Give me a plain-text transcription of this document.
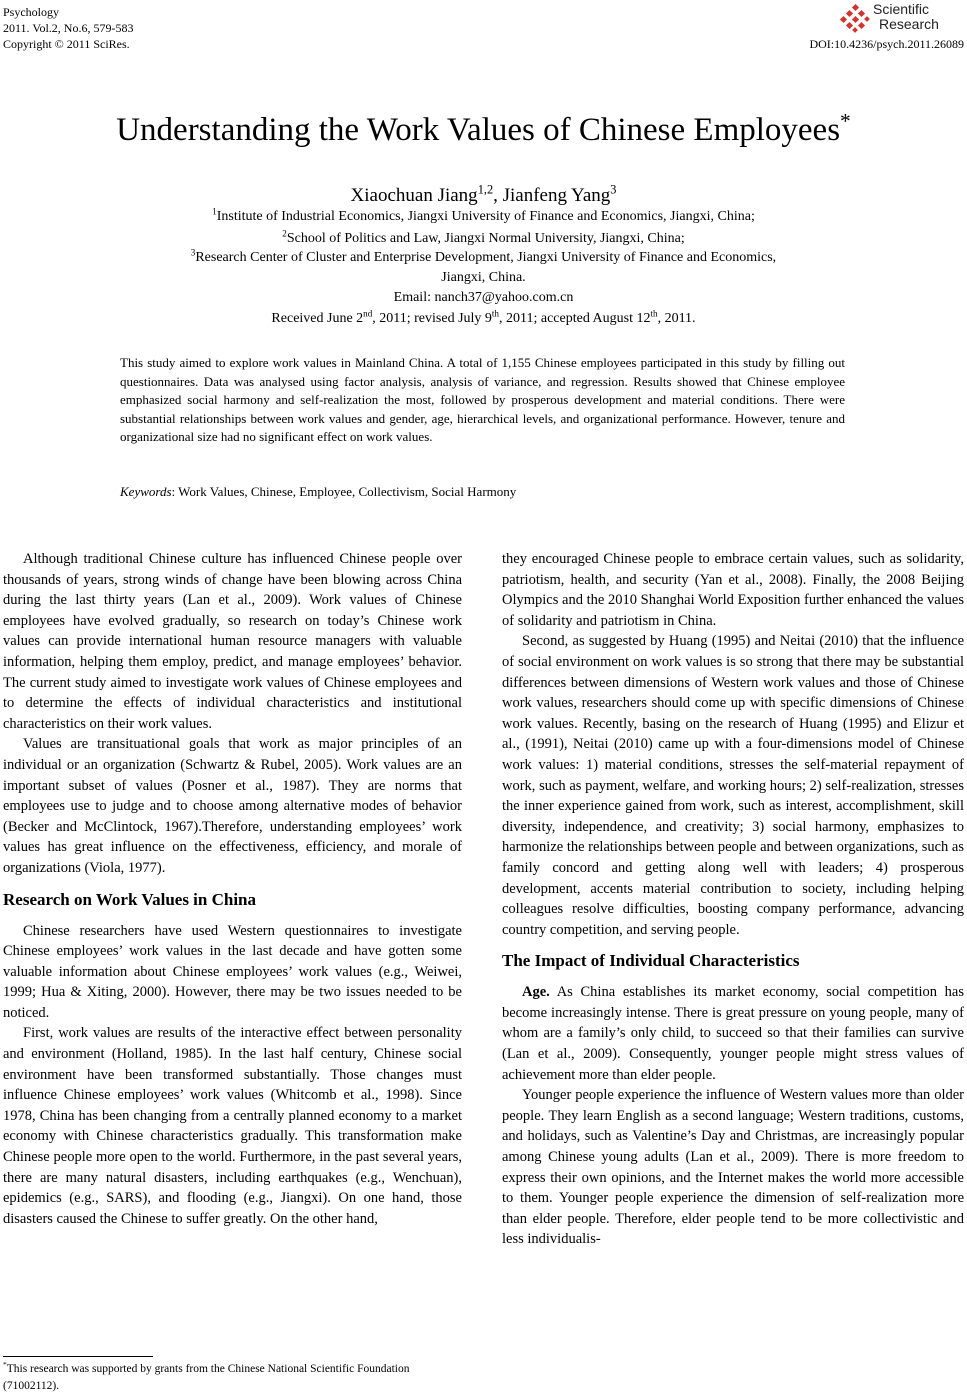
Psychology
2011. Vol.2, No.6, 579-583
Copyright © 2011 SciRes.	DOI:10.4236/psych.2011.26089
Scientific
Research
Understanding the Work Values of Chinese Employees*
Xiaochuan Jiang$^{1,2}$, Jianfeng Yang$^3$
$^1$Institute of Industrial Economics, Jiangxi University of Finance and Economics, Jiangxi, China;
$^2$School of Politics and Law, Jiangxi Normal University, Jiangxi, China;
$^3$Research Center of Cluster and Enterprise Development, Jiangxi University of Finance and Economics,
Jiangxi, China.
Email: nanch37@yahoo.com.cn
Received June 2nd, 2011; revised July 9th, 2011; accepted August 12th, 2011.
This study aimed to explore work values in Mainland China. A total of 1,155 Chinese employees participated in this study by filling out questionnaires. Data was analysed using factor analysis, analysis of variance, and regression. Results showed that Chinese employee emphasized social harmony and self-realization the most, followed by prosperous development and material conditions. There were substantial relationships between work values and gender, age, hierarchical levels, and organizational performance. However, tenure and organizational size had no significant effect on work values.
Keywords: Work Values, Chinese, Employee, Collectivism, Social Harmony

Although traditional Chinese culture has influenced Chinese people over thousands of years, strong winds of change have been blowing across China during the last thirty years (Lan et al., 2009). Work values of Chinese employees have evolved gradually, so research on today’s Chinese work values can provide international human resource managers with valuable information, helping them employ, predict, and manage employees’ behavior. The current study aimed to investigate work values of Chinese employees and to determine the effects of individual characteristics and institutional characteristics on their work values.

Values are transituational goals that work as major principles of an individual or an organization (Schwartz & Rubel, 2005). Work values are an important subset of values (Posner et al., 1987). They are norms that employees use to judge and to choose among alternative modes of behavior (Becker and McClintock, 1967).Therefore, understanding employees’ work values has great influence on the effectiveness, efficiency, and morale of organizations (Viola, 1977).

Research on Work Values in China

Chinese researchers have used Western questionnaires to investigate Chinese employees’ work values in the last decade and have gotten some valuable information about Chinese employees’ work values (e.g., Weiwei, 1999; Hua & Xiting, 2000). However, there may be two issues needed to be noticed.

First, work values are results of the interactive effect between personality and environment (Holland, 1985). In the last half century, Chinese social environment have been transformed substantially. Those changes must influence Chinese employees’ work values (Whitcomb et al., 1998). Since 1978, China has been changing from a centrally planned economy to a market economy with Chinese characteristics gradually. This transformation make Chinese people more open to the world. Furthermore, in the past several years, there are many natural disasters, including earthquakes (e.g., Wenchuan), epidemics (e.g., SARS), and flooding (e.g., Jiangxi). On one hand, those disasters caused the Chinese to suffer greatly. On the other hand,

they encouraged Chinese people to embrace certain values, such as solidarity, patriotism, health, and security (Yan et al., 2008). Finally, the 2008 Beijing Olympics and the 2010 Shanghai World Exposition further enhanced the values of solidarity and patriotism in China.

Second, as suggested by Huang (1995) and Neitai (2010) that the influence of social environment on work values is so strong that there may be substantial differences between dimensions of Western work values and those of Chinese work values, researchers should come up with specific dimensions of Chinese work values. Recently, basing on the research of Huang (1995) and Elizur et al., (1991), Neitai (2010) came up with a four-dimensions model of Chinese work values: 1) material conditions, stresses the self-material repayment of work, such as payment, welfare, and working hours; 2) self-realization, stresses the inner experience gained from work, such as interest, accomplishment, skill diversity, independence, and creativity; 3) social harmony, emphasizes to harmonize the relationships between people and between organizations, such as family concord and getting along well with leaders; 4) prosperous development, accents material contribution to society, including helping colleagues resolve difficulties, boosting company performance, advancing country competition, and serving people.

The Impact of Individual Characteristics

Age. As China establishes its market economy, social competition has become increasingly intense. There is great pressure on young people, many of whom are a family’s only child, to succeed so that their families can survive (Lan et al., 2009). Consequently, younger people might stress values of achievement more than elder people.

Younger people experience the influence of Western values more than older people. They learn English as a second language; Western traditions, customs, and holidays, such as Valentine’s Day and Christmas, are increasingly popular among Chinese young adults (Lan et al., 2009). There is more freedom to express their own opinions, and the Internet makes the world more accessible to them. Younger people experience the dimension of self-realization more than elder people. Therefore, elder people tend to be more collectivistic and less individualis-

*This research was supported by grants from the Chinese National Scientific Foundation (71002112).
